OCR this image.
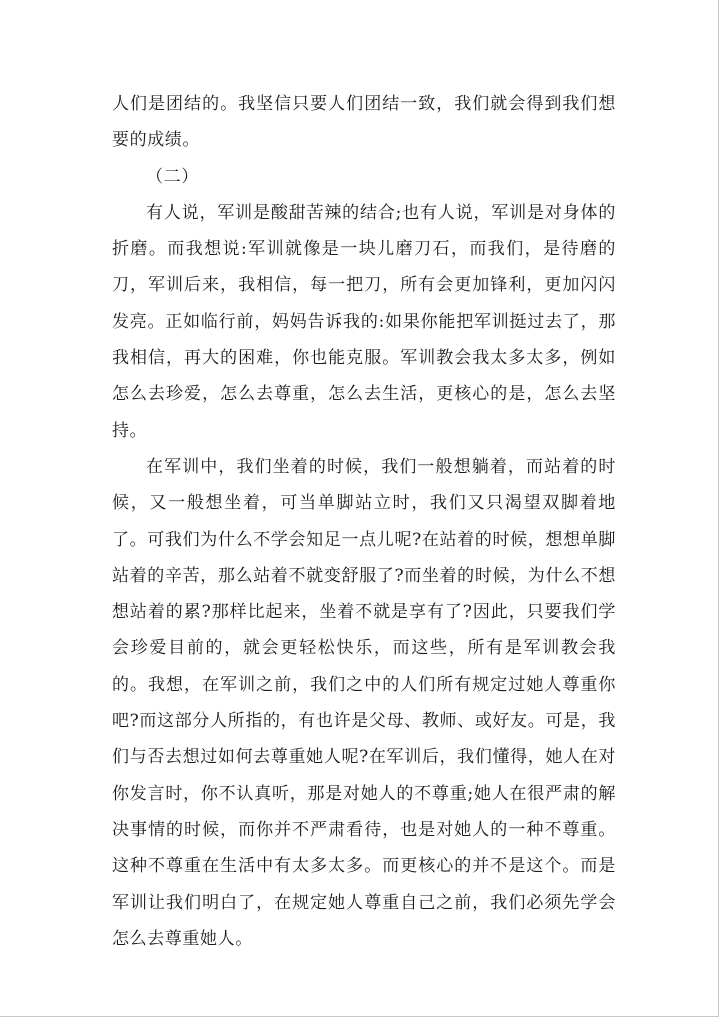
人们是团结的。我坚信只要人们团结一致，我们就会得到我们想要的成绩。

（二）

有人说，军训是酸甜苦辣的结合;也有人说，军训是对身体的折磨。而我想说:军训就像是一块儿磨刀石，而我们，是待磨的刀，军训后来，我相信，每一把刀，所有会更加锋利，更加闪闪发亮。正如临行前，妈妈告诉我的:如果你能把军训挺过去了，那我相信，再大的困难，你也能克服。军训教会我太多太多，例如怎么去珍爱，怎么去尊重，怎么去生活，更核心的是，怎么去坚持。

在军训中，我们坐着的时候，我们一般想躺着，而站着的时候，又一般想坐着，可当单脚站立时，我们又只渴望双脚着地了。可我们为什么不学会知足一点儿呢?在站着的时候，想想单脚站着的辛苦，那么站着不就变舒服了?而坐着的时候，为什么不想想站着的累?那样比起来，坐着不就是享有了?因此，只要我们学会珍爱目前的，就会更轻松快乐，而这些，所有是军训教会我的。我想，在军训之前，我们之中的人们所有规定过她人尊重你吧?而这部分人所指的，有也许是父母、教师、或好友。可是，我们与否去想过如何去尊重她人呢?在军训后，我们懂得，她人在对你发言时，你不认真听，那是对她人的不尊重;她人在很严肃的解决事情的时候，而你并不严肃看待，也是对她人的一种不尊重。这种不尊重在生活中有太多太多。而更核心的并不是这个。而是军训让我们明白了，在规定她人尊重自己之前，我们必须先学会怎么去尊重她人。
